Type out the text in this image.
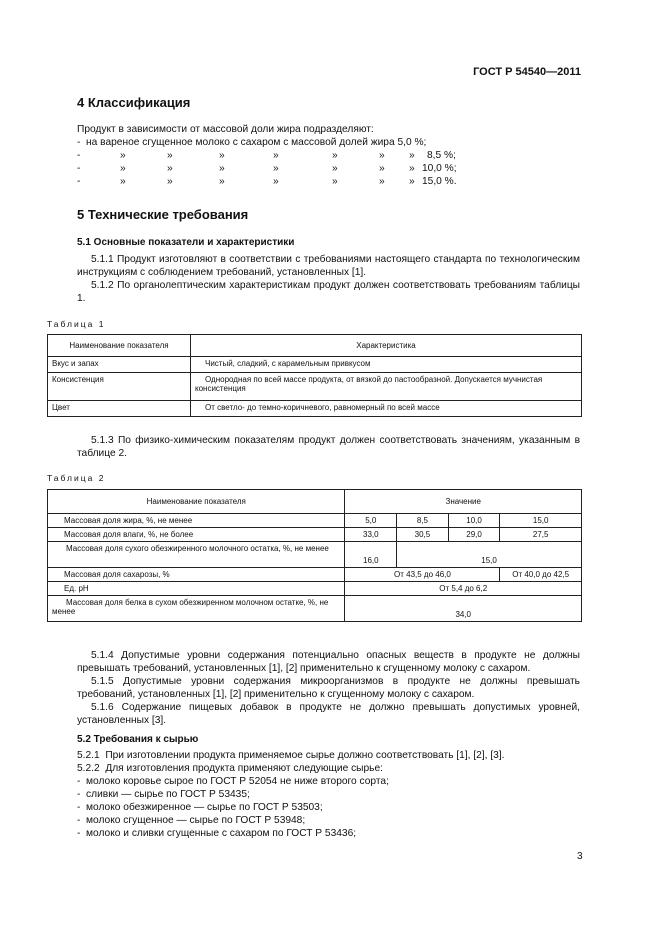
ГОСТ Р 54540—2011
4 Классификация
Продукт в зависимости от массовой доли жира подразделяют:
-  на вареное сгущенное молоко с сахаром с массовой долей жира 5,0 %;
-	»	»	»	»	»	» » 8,5 %;
-	»	»	»	»	»	» » 10,0 %;
-	»	»	»	»	»	» » 15,0 %.
5 Технические требования
5.1 Основные показатели и характеристики
5.1.1 Продукт изготовляют в соответствии с требованиями настоящего стандарта по технологическим инструкциям с соблюдением требований, установленных [1].
5.1.2 По органолептическим характеристикам продукт должен соответствовать требованиям таблицы 1.
Таблица 1
Наименование показателя	Характеристика
Вкус и запах	Чистый, сладкий, с карамельным привкусом
Консистенция	Однородная по всей массе продукта, от вязкой до пастообразной. Допускается мучнистая консистенция
Цвет	От светло- до темно-коричневого, равномерный по всей массе
5.1.3 По физико-химическим показателям продукт должен соответствовать значениям, указанным в таблице 2.
Таблица 2
Наименование показателя	Значение			
Массовая доля жира, %, не менее	5,0	8,5	10,0	15,0
Массовая доля влаги, %, не более	33,0	30,5	29,0	27,5
Массовая доля сухого обезжиренного молочного остатка, %, не менее	16,0	15,0		
Массовая доля сахарозы, %	От 43,5 до 46,0			От 40,0 до 42,5
Ед. pH	От 5,4 до 6,2			
Массовая доля белка в сухом обезжиренном молочном остатке, %, не менее	34,0			
5.1.4 Допустимые уровни содержания потенциально опасных веществ в продукте не должны превышать требований, установленных [1], [2] применительно к сгущенному молоку с сахаром.
5.1.5 Допустимые уровни содержания микроорганизмов в продукте не должны превышать требований, установленных [1], [2] применительно к сгущенному молоку с сахаром.
5.1.6 Содержание пищевых добавок в продукте не должно превышать допустимых уровней, установленных [3].
5.2 Требования к сырью
5.2.1  При изготовлении продукта применяемое сырье должно соответствовать [1], [2], [3].
5.2.2  Для изготовления продукта применяют следующие сырье:
-  молоко коровье сырое по ГОСТ Р 52054 не ниже второго сорта;
-  сливки — сырье по ГОСТ Р 53435;
-  молоко обезжиренное — сырье по ГОСТ Р 53503;
-  молоко сгущенное — сырье по ГОСТ Р 53948;
-  молоко и сливки сгущенные с сахаром по ГОСТ Р 53436;
3
